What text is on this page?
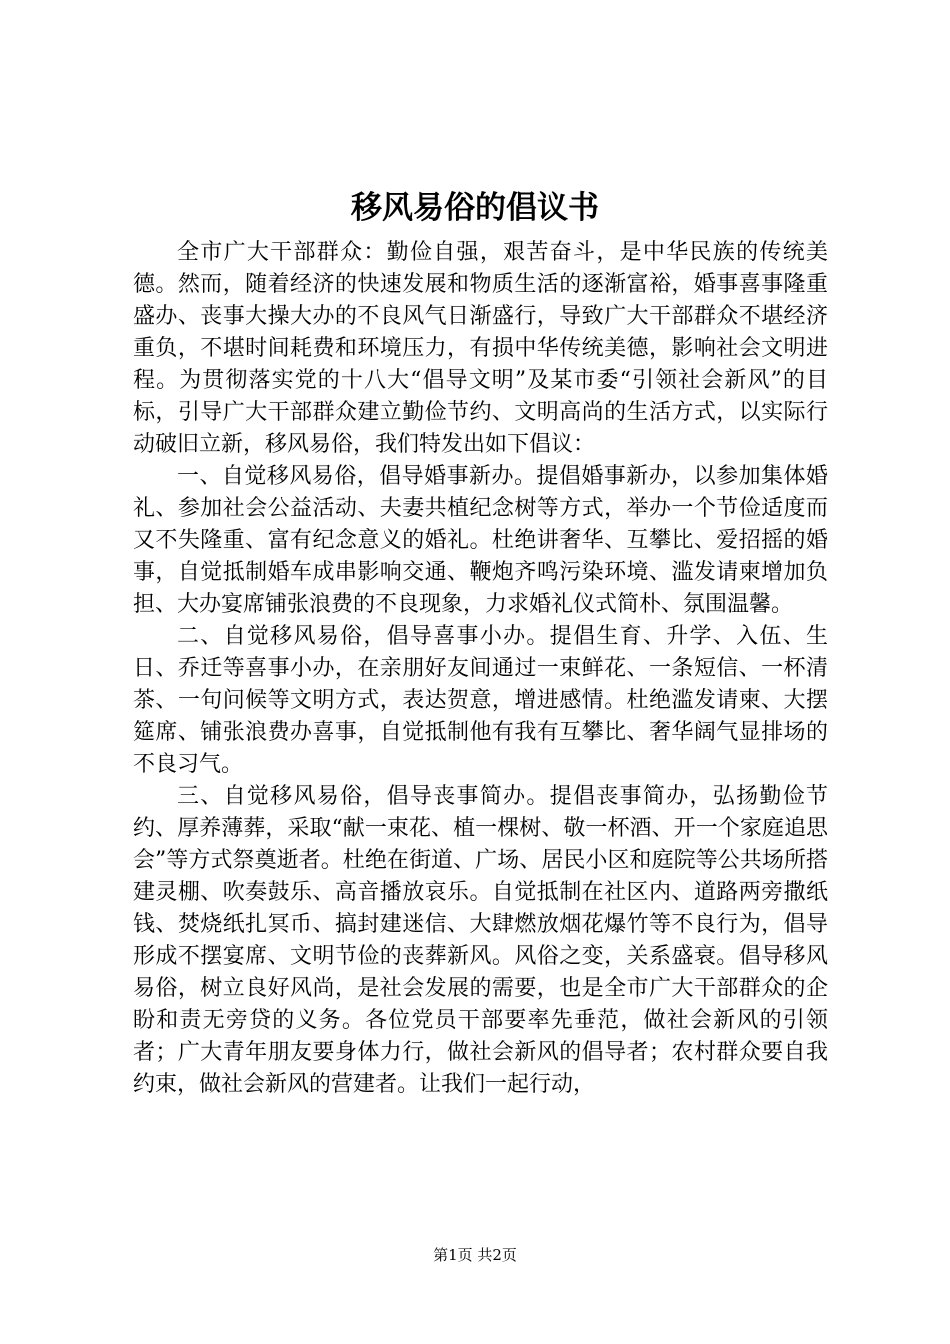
移风易俗的倡议书

全市广大干部群众：勤俭自强，艰苦奋斗，是中华民族的传统美德。然而，随着经济的快速发展和物质生活的逐渐富裕，婚事喜事隆重盛办、丧事大操大办的不良风气日渐盛行，导致广大干部群众不堪经济重负，不堪时间耗费和环境压力，有损中华传统美德，影响社会文明进程。为贯彻落实党的十八大“倡导文明”及某市委“引领社会新风”的目标，引导广大干部群众建立勤俭节约、文明高尚的生活方式，以实际行动破旧立新，移风易俗，我们特发出如下倡议：

一、自觉移风易俗，倡导婚事新办。提倡婚事新办，以参加集体婚礼、参加社会公益活动、夫妻共植纪念树等方式，举办一个节俭适度而又不失隆重、富有纪念意义的婚礼。杜绝讲奢华、互攀比、爱招摇的婚事，自觉抵制婚车成串影响交通、鞭炮齐鸣污染环境、滥发请柬增加负担、大办宴席铺张浪费的不良现象，力求婚礼仪式简朴、氛围温馨。

二、自觉移风易俗，倡导喜事小办。提倡生育、升学、入伍、生日、乔迁等喜事小办，在亲朋好友间通过一束鲜花、一条短信、一杯清茶、一句问候等文明方式，表达贺意，增进感情。杜绝滥发请柬、大摆筵席、铺张浪费办喜事，自觉抵制他有我有互攀比、奢华阔气显排场的不良习气。

三、自觉移风易俗，倡导丧事简办。提倡丧事简办，弘扬勤俭节约、厚养薄葬，采取“献一束花、植一棵树、敬一杯酒、开一个家庭追思会”等方式祭奠逝者。杜绝在街道、广场、居民小区和庭院等公共场所搭建灵棚、吹奏鼓乐、高音播放哀乐。自觉抵制在社区内、道路两旁撒纸钱、焚烧纸扎冥币、搞封建迷信、大肆燃放烟花爆竹等不良行为，倡导形成不摆宴席、文明节俭的丧葬新风。风俗之变，关系盛衰。倡导移风易俗，树立良好风尚，是社会发展的需要，也是全市广大干部群众的企盼和责无旁贷的义务。各位党员干部要率先垂范，做社会新风的引领者；广大青年朋友要身体力行，做社会新风的倡导者；农村群众要自我约束，做社会新风的营建者。让我们一起行动，

第1页 共2页
